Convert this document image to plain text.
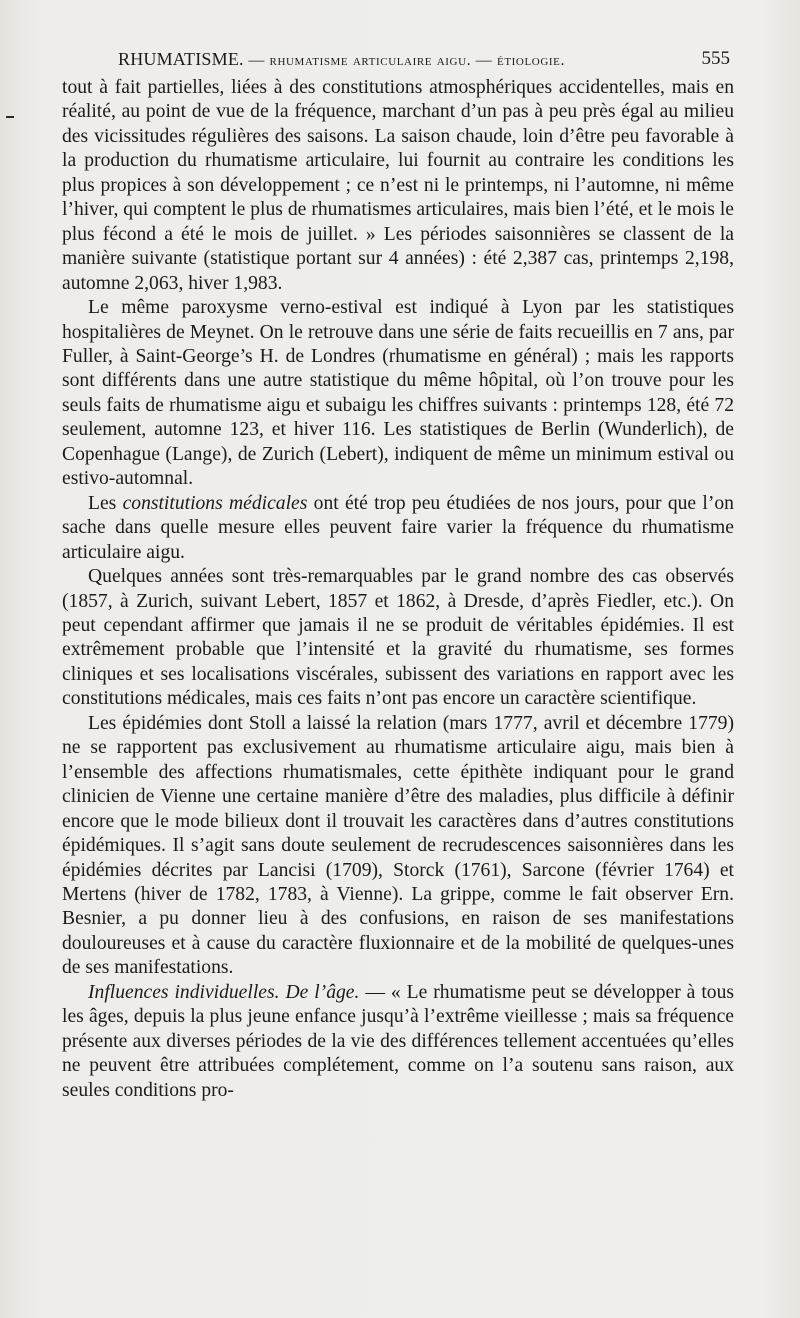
RHUMATISME. — rhumatisme articulaire aigu. — étiologie.	555

tout à fait partielles, liées à des constitutions atmosphériques accidentelles, mais en réalité, au point de vue de la fréquence, marchant d’un pas à peu près égal au milieu des vicissitudes régulières des saisons. La saison chaude, loin d’être peu favorable à la production du rhumatisme articulaire, lui fournit au contraire les conditions les plus propices à son développement ; ce n’est ni le printemps, ni l’automne, ni même l’hiver, qui comptent le plus de rhumatismes articulaires, mais bien l’été, et le mois le plus fécond a été le mois de juillet. » Les périodes saisonnières se classent de la manière suivante (statistique portant sur 4 années) : été 2,387 cas, printemps 2,198, automne 2,063, hiver 1,983.

Le même paroxysme verno-estival est indiqué à Lyon par les statistiques hospitalières de Meynet. On le retrouve dans une série de faits recueillis en 7 ans, par Fuller, à Saint-George’s H. de Londres (rhumatisme en général) ; mais les rapports sont différents dans une autre statistique du même hôpital, où l’on trouve pour les seuls faits de rhumatisme aigu et subaigu les chiffres suivants : printemps 128, été 72 seulement, automne 123, et hiver 116. Les statistiques de Berlin (Wunderlich), de Copenhague (Lange), de Zurich (Lebert), indiquent de même un minimum estival ou estivo-automnal.

Les constitutions médicales ont été trop peu étudiées de nos jours, pour que l’on sache dans quelle mesure elles peuvent faire varier la fréquence du rhumatisme articulaire aigu.

Quelques années sont très-remarquables par le grand nombre des cas observés (1857, à Zurich, suivant Lebert, 1857 et 1862, à Dresde, d’après Fiedler, etc.). On peut cependant affirmer que jamais il ne se produit de véritables épidémies. Il est extrêmement probable que l’intensité et la gravité du rhumatisme, ses formes cliniques et ses localisations viscérales, subissent des variations en rapport avec les constitutions médicales, mais ces faits n’ont pas encore un caractère scientifique.

Les épidémies dont Stoll a laissé la relation (mars 1777, avril et décembre 1779) ne se rapportent pas exclusivement au rhumatisme articulaire aigu, mais bien à l’ensemble des affections rhumatismales, cette épithète indiquant pour le grand clinicien de Vienne une certaine manière d’être des maladies, plus difficile à définir encore que le mode bilieux dont il trouvait les caractères dans d’autres constitutions épidémiques. Il s’agit sans doute seulement de recrudescences saisonnières dans les épidémies décrites par Lancisi (1709), Storck (1761), Sarcone (février 1764) et Mertens (hiver de 1782, 1783, à Vienne). La grippe, comme le fait observer Ern. Besnier, a pu donner lieu à des confusions, en raison de ses manifestations douloureuses et à cause du caractère fluxionnaire et de la mobilité de quelques-unes de ses manifestations.

Influences individuelles. De l’âge. — « Le rhumatisme peut se développer à tous les âges, depuis la plus jeune enfance jusqu’à l’extrême vieillesse ; mais sa fréquence présente aux diverses périodes de la vie des différences tellement accentuées qu’elles ne peuvent être attribuées complétement, comme on l’a soutenu sans raison, aux seules conditions pro-
